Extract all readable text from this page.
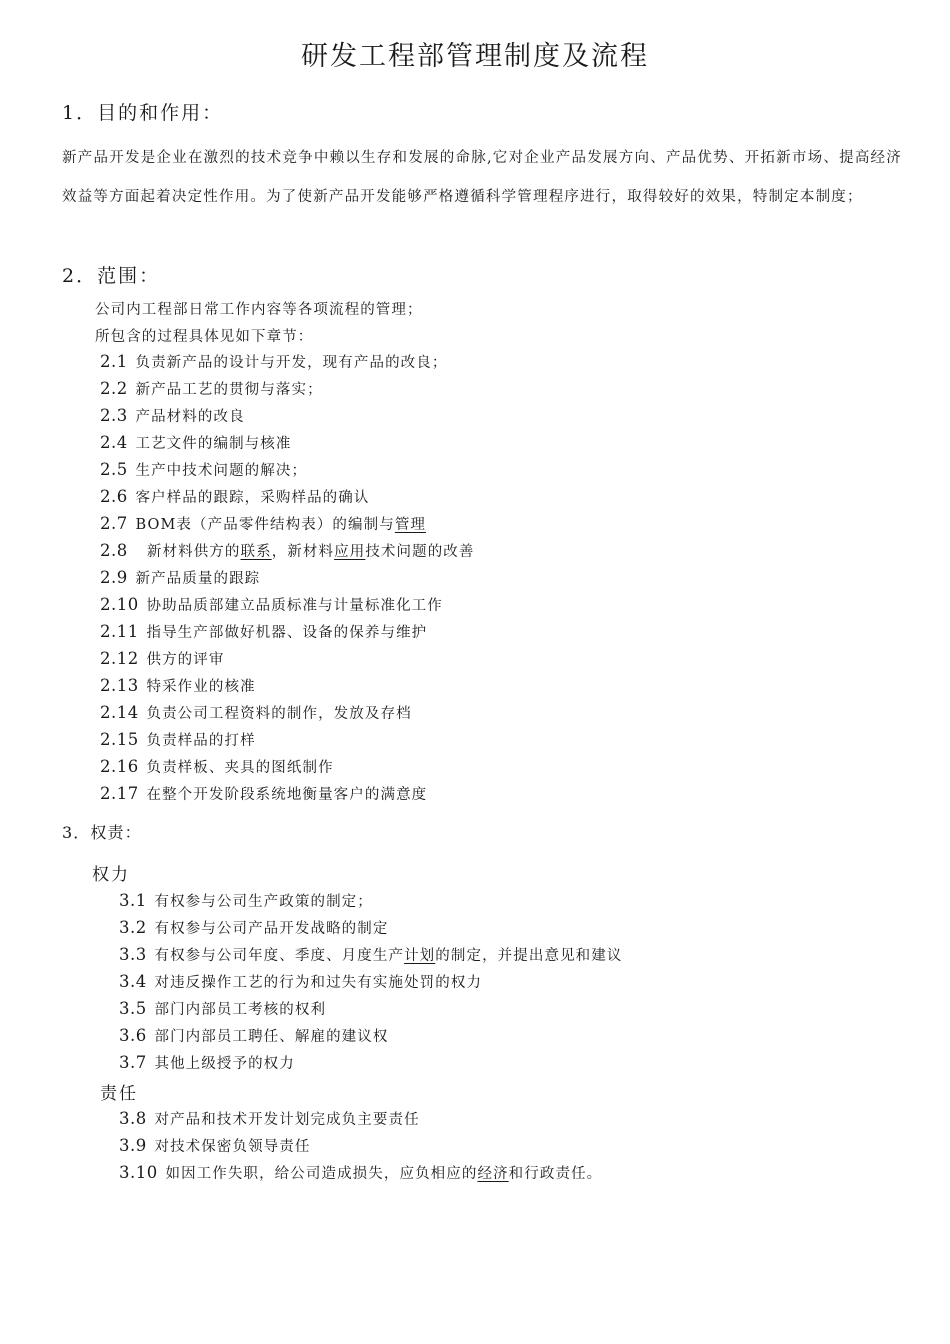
研发工程部管理制度及流程
1．目的和作用：
新产品开发是企业在激烈的技术竞争中赖以生存和发展的命脉,它对企业产品发展方向、产品优势、开拓新市场、提高经济效益等方面起着决定性作用。为了使新产品开发能够严格遵循科学管理程序进行，取得较好的效果，特制定本制度；
2．范围：
公司内工程部日常工作内容等各项流程的管理；
所包含的过程具体见如下章节：
2.1 负责新产品的设计与开发，现有产品的改良；
2.2 新产品工艺的贯彻与落实；
2.3 产品材料的改良
2.4 工艺文件的编制与核准
2.5 生产中技术问题的解决；
2.6 客户样品的跟踪，采购样品的确认
2.7 BOM表（产品零件结构表）的编制与管理
2.8 新材料供方的联系，新材料应用技术问题的改善
2.9 新产品质量的跟踪
2.10 协助品质部建立品质标准与计量标准化工作
2.11 指导生产部做好机器、设备的保养与维护
2.12 供方的评审
2.13 特采作业的核准
2.14 负责公司工程资料的制作，发放及存档
2.15 负责样品的打样
2.16 负责样板、夹具的图纸制作
2.17 在整个开发阶段系统地衡量客户的满意度
3．权责：
权力
3.1 有权参与公司生产政策的制定；
3.2 有权参与公司产品开发战略的制定
3.3 有权参与公司年度、季度、月度生产计划的制定，并提出意见和建议
3.4 对违反操作工艺的行为和过失有实施处罚的权力
3.5 部门内部员工考核的权利
3.6 部门内部员工聘任、解雇的建议权
3.7 其他上级授予的权力
责任
3.8 对产品和技术开发计划完成负主要责任
3.9 对技术保密负领导责任
3.10 如因工作失职，给公司造成损失，应负相应的经济和行政责任。
